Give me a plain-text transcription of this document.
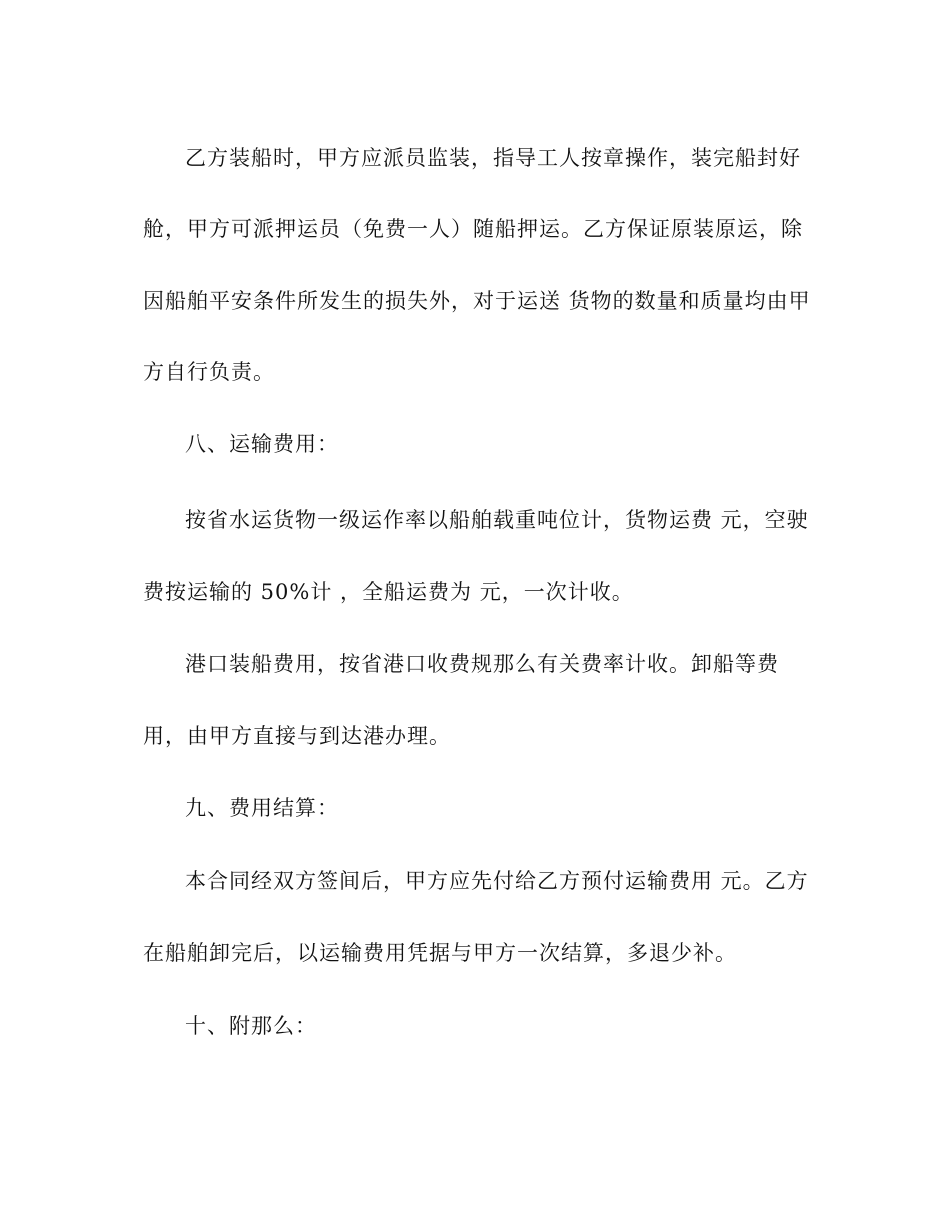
乙方装船时，甲方应派员监装，指导工人按章操作，装完船封好
舱，甲方可派押运员（免费一人）随船押运。乙方保证原装原运，除
因船舶平安条件所发生的损失外，对于运送 货物的数量和质量均由甲
方自行负责。
八、运输费用：
按省水运货物一级运作率以船舶载重吨位计，货物运费 元，空驶
费按运输的 50%计 ，全船运费为 元，一次计收。
港口装船费用，按省港口收费规那么有关费率计收。卸船等费
用，由甲方直接与到达港办理。
九、费用结算：
本合同经双方签间后，甲方应先付给乙方预付运输费用 元。乙方
在船舶卸完后，以运输费用凭据与甲方一次结算，多退少补。
十、附那么：
